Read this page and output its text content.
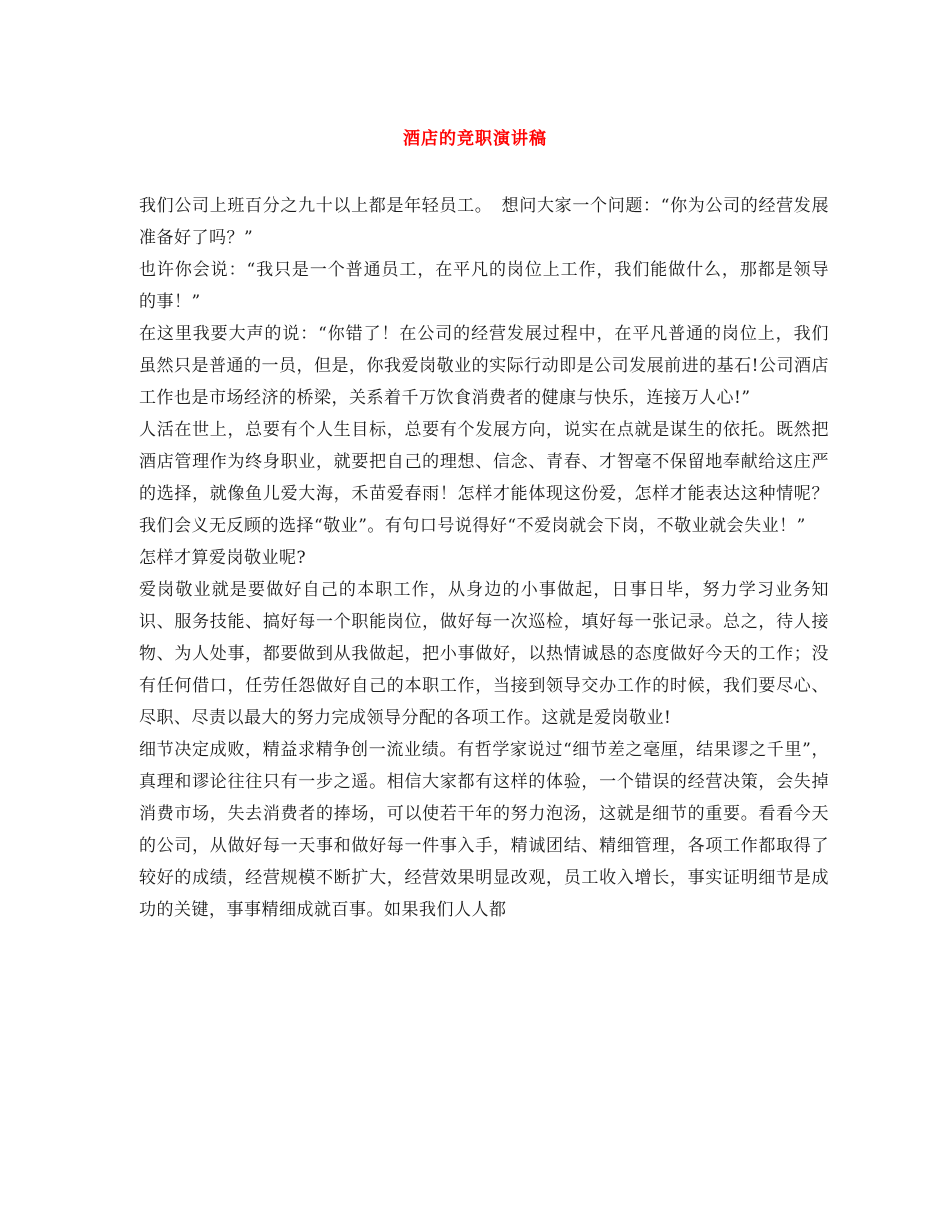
酒店的竞职演讲稿

我们公司上班百分之九十以上都是年轻员工。　想问大家一个问题：“你为公司的经营发展准备好了吗？”

也许你会说：“我只是一个普通员工，在平凡的岗位上工作，我们能做什么，那都是领导的事！”

在这里我要大声的说：“你错了！在公司的经营发展过程中，在平凡普通的岗位上，我们虽然只是普通的一员，但是，你我爱岗敬业的实际行动即是公司发展前进的基石!公司酒店工作也是市场经济的桥梁，关系着千万饮食消费者的健康与快乐，连接万人心!”

人活在世上，总要有个人生目标，总要有个发展方向，说实在点就是谋生的依托。既然把酒店管理作为终身职业，就要把自己的理想、信念、青春、才智毫不保留地奉献给这庄严的选择，就像鱼儿爱大海，禾苗爱春雨！怎样才能体现这份爱，怎样才能表达这种情呢？我们会义无反顾的选择“敬业”。有句口号说得好“不爱岗就会下岗，不敬业就会失业！”

怎样才算爱岗敬业呢?

爱岗敬业就是要做好自己的本职工作，从身边的小事做起，日事日毕，努力学习业务知识、服务技能、搞好每一个职能岗位，做好每一次巡检，填好每一张记录。总之，待人接物、为人处事，都要做到从我做起，把小事做好，以热情诚恳的态度做好今天的工作；没有任何借口，任劳任怨做好自己的本职工作，当接到领导交办工作的时候，我们要尽心、尽职、尽责以最大的努力完成领导分配的各项工作。这就是爱岗敬业!

细节决定成败，精益求精争创一流业绩。有哲学家说过“细节差之毫厘，结果谬之千里”，真理和谬论往往只有一步之遥。相信大家都有这样的体验，一个错误的经营决策，会失掉消费市场，失去消费者的捧场，可以使若干年的努力泡汤，这就是细节的重要。看看今天的公司，从做好每一天事和做好每一件事入手，精诚团结、精细管理，各项工作都取得了较好的成绩，经营规模不断扩大，经营效果明显改观，员工收入增长，事实证明细节是成功的关键，事事精细成就百事。如果我们人人都
